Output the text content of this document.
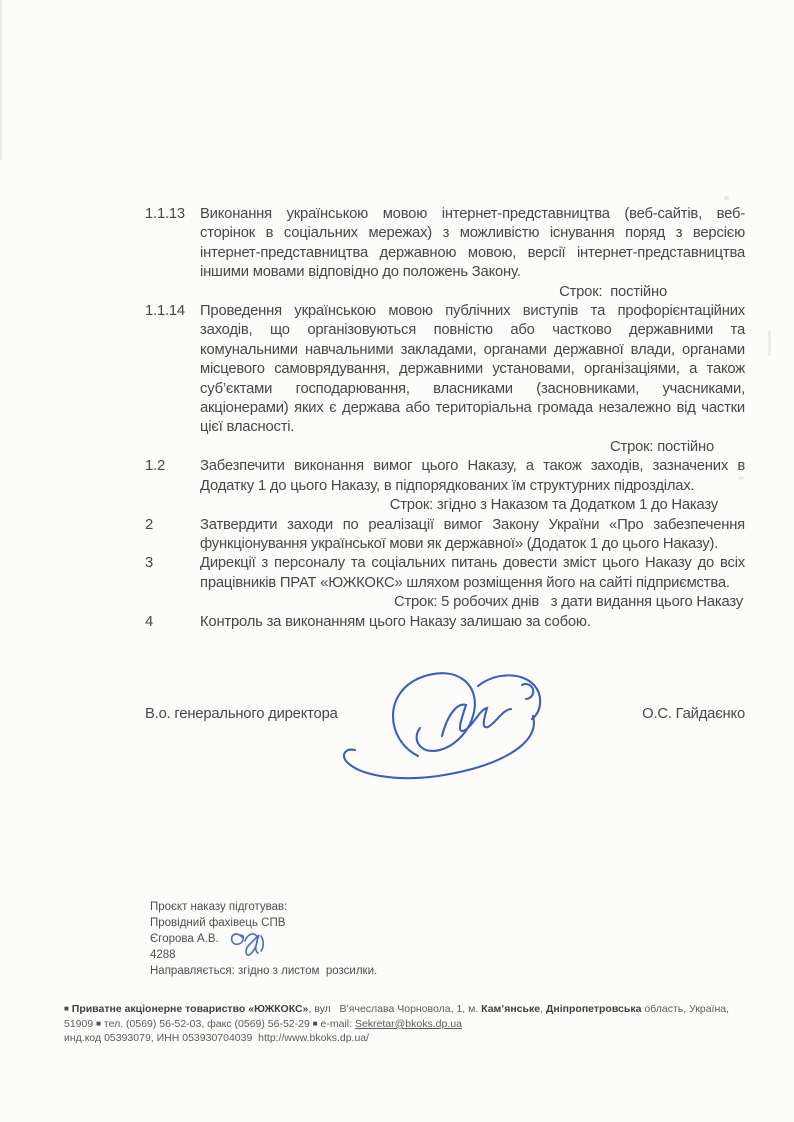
1.1.13	Виконання українською мовою інтернет-представництва (веб-сайтів, веб-сторінок в соціальних мережах) з можливістю існування поряд з версією інтернет-представництва державною мовою, версії інтернет-представництва іншими мовами відповідно до положень Закону.
Строк:  постійно
1.1.14	Проведення українською мовою публічних виступів та профорієнтаційних заходів, що організовуються повністю або частково державними та комунальними навчальними закладами, органами державної влади, органами місцевого самоврядування, державними установами, організаціями, а також суб’єктами господарювання, власниками (засновниками, учасниками, акціонерами) яких є держава або територіальна громада незалежно від частки цієї власності.
Строк: постійно
1.2	Забезпечити виконання вимог цього Наказу, а також заходів, зазначених в Додатку 1 до цього Наказу, в підпорядкованих їм структурних підрозділах.
Строк: згідно з Наказом та Додатком 1 до Наказу
2	Затвердити заходи по реалізації вимог Закону України «Про забезпечення функціонування української мови як державної» (Додаток 1 до цього Наказу).
3	Дирекції з персоналу та соціальних питань довести зміст цього Наказу до всіх працівників ПРАТ «ЮЖКОКС» шляхом розміщення його на сайті підприємства.
Строк: 5 робочих днів   з дати видання цього Наказу
4	Контроль за виконанням цього Наказу залишаю за собою.
В.о. генерального директора	О.С. Гайдаєнко
Проєкт наказу підготував:
Провідний фахівець СПВ
Єгорова А.В.
4288
Направляється: згідно з листом  розсилки.
■ Приватне акціонерне товариство «ЮЖКОКС», вул   В’ячеслава Чорновола, 1, м. Кам’янське, Дніпропетровська область, Україна,
51909 ■ тел. (0569) 56-52-03, факс (0569) 56-52-29 ■ e-mail: Sekretar@bkoks.dp.ua
инд.код 05393079, ИНН 053930704039  http://www.bkoks.dp.ua/
